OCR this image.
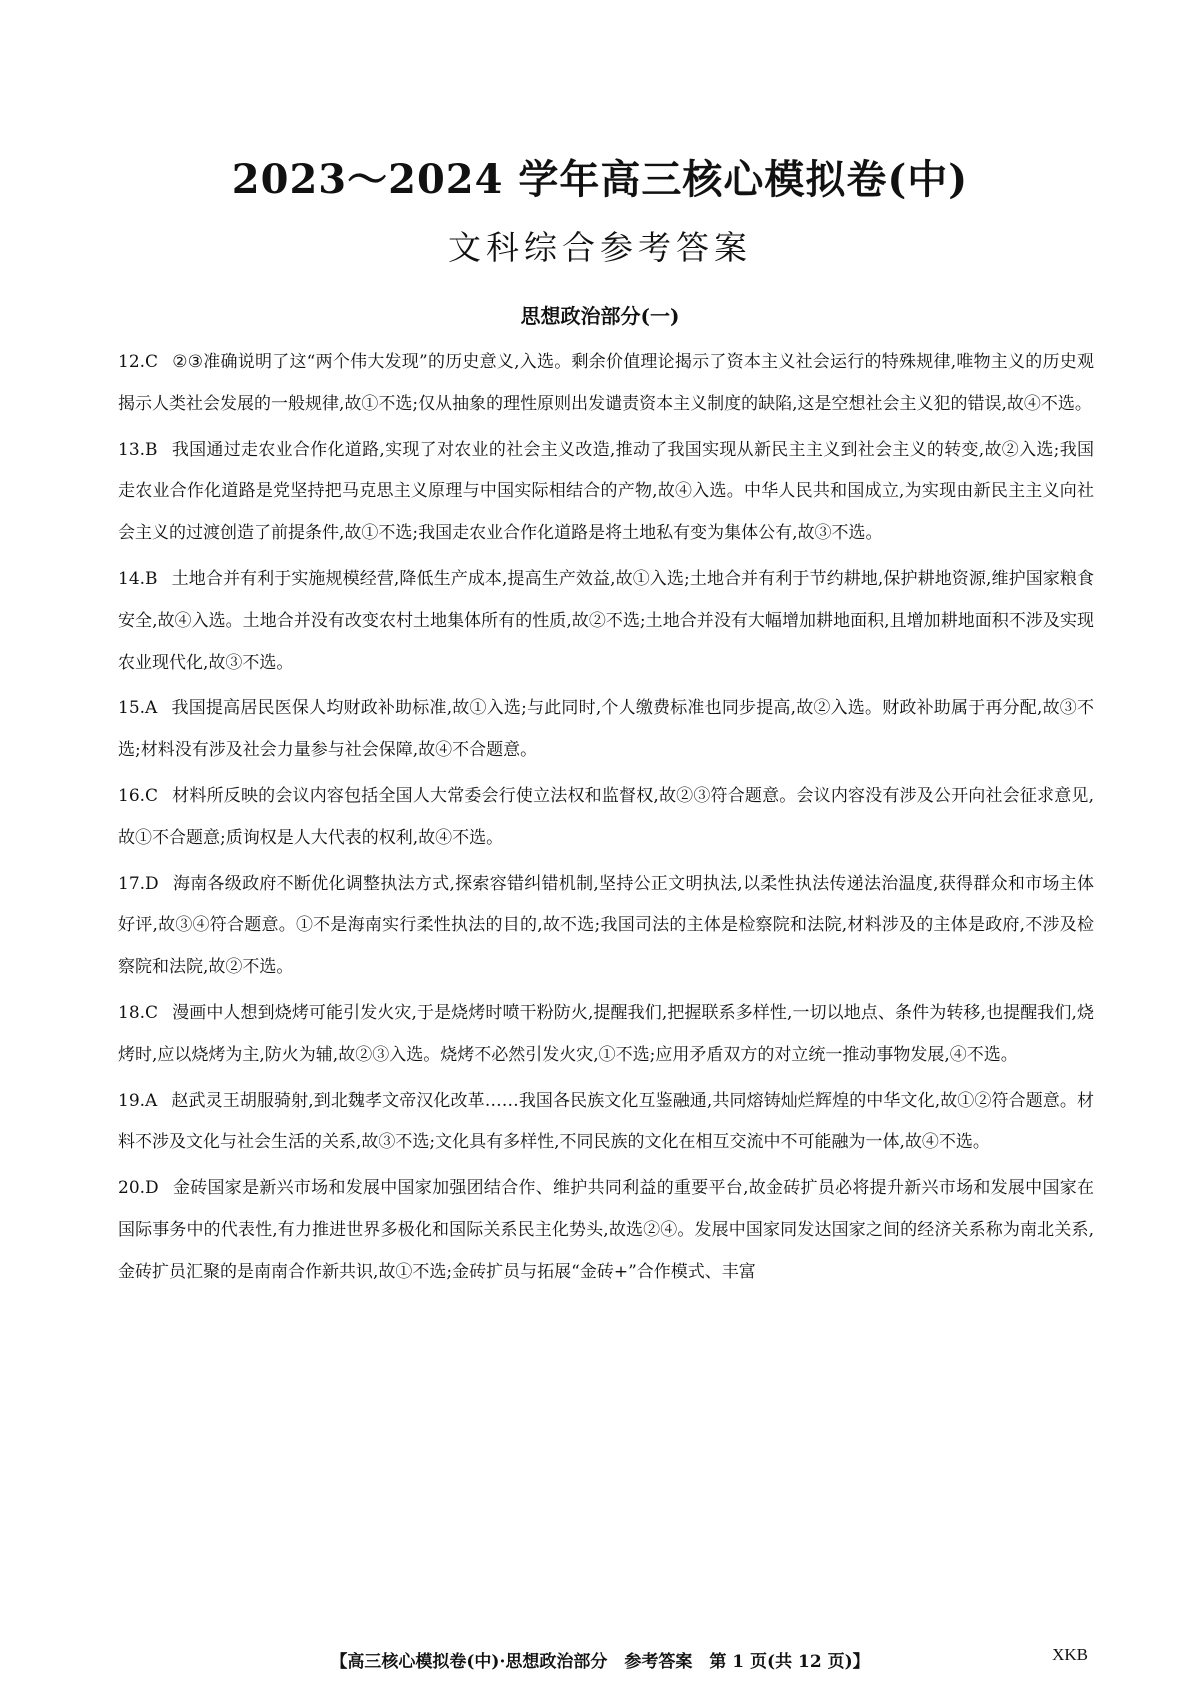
2023～2024 学年高三核心模拟卷(中)
文科综合参考答案
思想政治部分(一)
12.C ②③准确说明了这“两个伟大发现”的历史意义,入选。剩余价值理论揭示了资本主义社会运行的特殊规律,唯物主义的历史观揭示人类社会发展的一般规律,故①不选;仅从抽象的理性原则出发谴责资本主义制度的缺陷,这是空想社会主义犯的错误,故④不选。
13.B 我国通过走农业合作化道路,实现了对农业的社会主义改造,推动了我国实现从新民主主义到社会主义的转变,故②入选;我国走农业合作化道路是党坚持把马克思主义原理与中国实际相结合的产物,故④入选。中华人民共和国成立,为实现由新民主主义向社会主义的过渡创造了前提条件,故①不选;我国走农业合作化道路是将土地私有变为集体公有,故③不选。
14.B 土地合并有利于实施规模经营,降低生产成本,提高生产效益,故①入选;土地合并有利于节约耕地,保护耕地资源,维护国家粮食安全,故④入选。土地合并没有改变农村土地集体所有的性质,故②不选;土地合并没有大幅增加耕地面积,且增加耕地面积不涉及实现农业现代化,故③不选。
15.A 我国提高居民医保人均财政补助标准,故①入选;与此同时,个人缴费标准也同步提高,故②入选。财政补助属于再分配,故③不选;材料没有涉及社会力量参与社会保障,故④不合题意。
16.C 材料所反映的会议内容包括全国人大常委会行使立法权和监督权,故②③符合题意。会议内容没有涉及公开向社会征求意见,故①不合题意;质询权是人大代表的权利,故④不选。
17.D 海南各级政府不断优化调整执法方式,探索容错纠错机制,坚持公正文明执法,以柔性执法传递法治温度,获得群众和市场主体好评,故③④符合题意。①不是海南实行柔性执法的目的,故不选;我国司法的主体是检察院和法院,材料涉及的主体是政府,不涉及检察院和法院,故②不选。
18.C 漫画中人想到烧烤可能引发火灾,于是烧烤时喷干粉防火,提醒我们,把握联系多样性,一切以地点、条件为转移,也提醒我们,烧烤时,应以烧烤为主,防火为辅,故②③入选。烧烤不必然引发火灾,①不选;应用矛盾双方的对立统一推动事物发展,④不选。
19.A 赵武灵王胡服骑射,到北魏孝文帝汉化改革……我国各民族文化互鉴融通,共同熔铸灿烂辉煌的中华文化,故①②符合题意。材料不涉及文化与社会生活的关系,故③不选;文化具有多样性,不同民族的文化在相互交流中不可能融为一体,故④不选。
20.D 金砖国家是新兴市场和发展中国家加强团结合作、维护共同利益的重要平台,故金砖扩员必将提升新兴市场和发展中国家在国际事务中的代表性,有力推进世界多极化和国际关系民主化势头,故选②④。发展中国家同发达国家之间的经济关系称为南北关系,金砖扩员汇聚的是南南合作新共识,故①不选;金砖扩员与拓展“金砖+”合作模式、丰富
【高三核心模拟卷(中)·思想政治部分　参考答案　第 1 页(共 12 页)】	XKB
